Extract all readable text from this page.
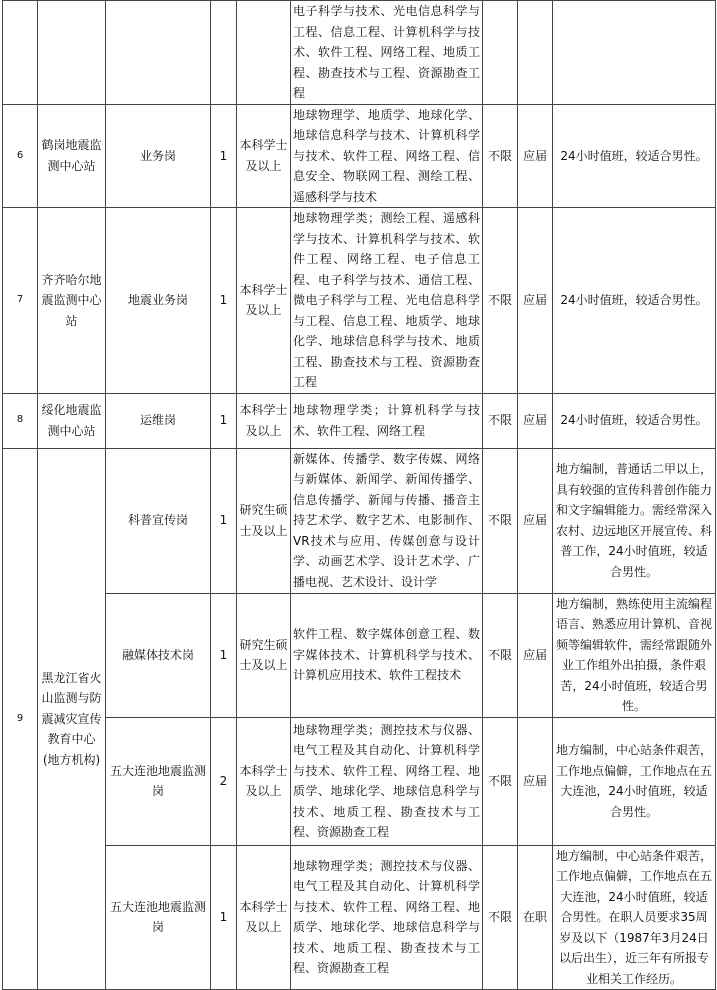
					电子科学与技术、光电信息科学与工程、信息工程、计算机科学与技术、软件工程、网络工程、地质工程、勘查技术与工程、资源勘查工程			
6	鹤岗地震监测中心站	业务岗	1	本科学士及以上	地球物理学、地质学、地球化学、地球信息科学与技术、计算机科学与技术、软件工程、网络工程、信息安全、物联网工程、测绘工程、遥感科学与技术	不限	应届	24小时值班，较适合男性。
7	齐齐哈尔地震监测中心站	地震业务岗	1	本科学士及以上	地球物理学类；测绘工程、遥感科学与技术、计算机科学与技术、软件工程、网络工程、电子信息工程、电子科学与技术、通信工程、微电子科学与工程、光电信息科学与工程、信息工程、地质学、地球化学、地球信息科学与技术、地质工程、勘查技术与工程、资源勘查工程	不限	应届	24小时值班，较适合男性。
8	绥化地震监测中心站	运维岗	1	本科学士及以上	地球物理学类；计算机科学与技术、软件工程、网络工程	不限	应届	24小时值班，较适合男性。
9	黑龙江省火山监测与防震减灾宣传教育中心(地方机构)	科普宣传岗	1	研究生硕士及以上	新媒体、传播学、数字传媒、网络与新媒体、新闻学、新闻传播学、信息传播学、新闻与传播、播音主持艺术学、数字艺术、电影制作、VR技术与应用、传媒创意与设计学、动画艺术学、设计艺术学、广播电视、艺术设计、设计学	不限	应届	地方编制，普通话二甲以上，具有较强的宣传科普创作能力和文字编辑能力。需经常深入农村、边远地区开展宣传、科普工作，24小时值班，较适合男性。
		融媒体技术岗	1	研究生硕士及以上	软件工程、数字媒体创意工程、数字媒体技术、计算机科学与技术、计算机应用技术、软件工程技术	不限	应届	地方编制，熟练使用主流编程语言、熟悉应用计算机、音视频等编辑软件，需经常跟随外业工作组外出拍摄，条件艰苦，24小时值班，较适合男性。
		五大连池地震监测岗	2	本科学士及以上	地球物理学类；测控技术与仪器、电气工程及其自动化、计算机科学与技术、软件工程、网络工程、地质学、地球化学、地球信息科学与技术、地质工程、勘查技术与工程、资源勘查工程	不限	应届	地方编制，中心站条件艰苦，工作地点偏僻，工作地点在五大连池，24小时值班，较适合男性。
		五大连池地震监测岗	1	本科学士及以上	地球物理学类；测控技术与仪器、电气工程及其自动化、计算机科学与技术、软件工程、网络工程、地质学、地球化学、地球信息科学与技术、地质工程、勘查技术与工程、资源勘查工程	不限	在职	地方编制，中心站条件艰苦，工作地点偏僻，工作地点在五大连池，24小时值班，较适合男性。在职人员要求35周岁及以下（1987年3月24日以后出生），近三年有所报专业相关工作经历。
